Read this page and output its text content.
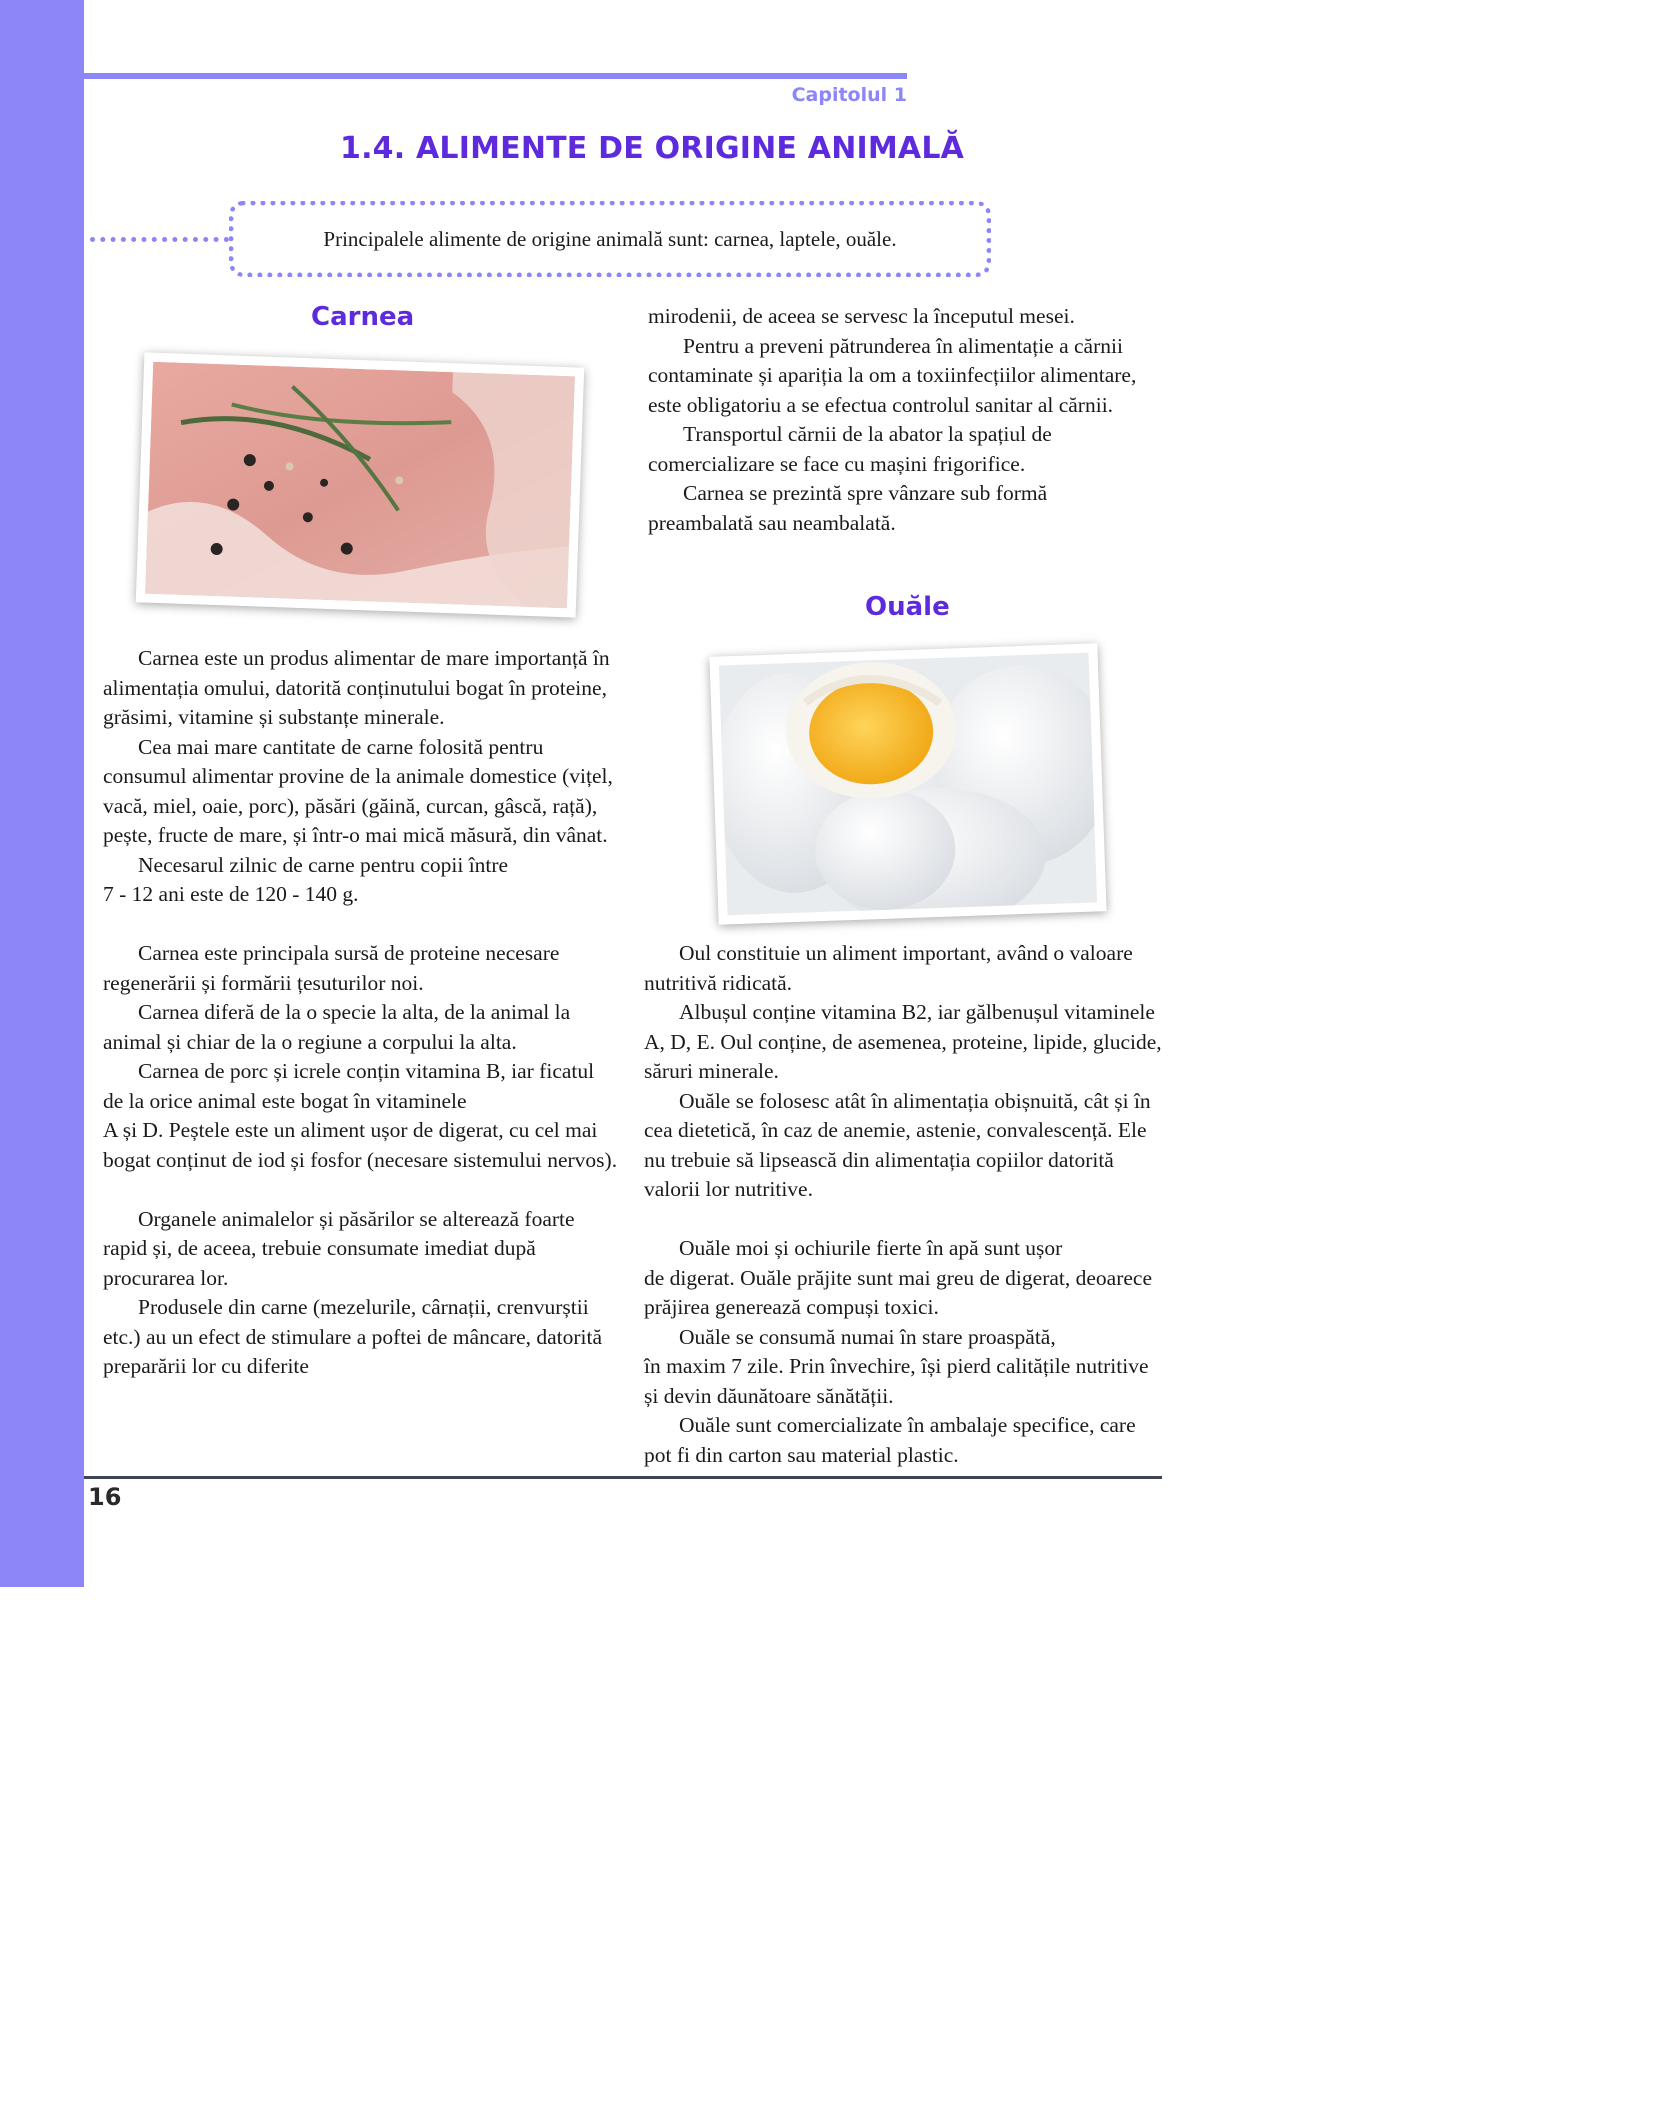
Capitolul 1
1.4. ALIMENTE DE ORIGINE ANIMALĂ
Principalele alimente de origine animală sunt: carnea, laptele, ouăle.
Carnea

Carnea este un produs alimentar de mare importanță în alimentația omului, datorită conținutului bogat în proteine, grăsimi, vitamine și substanțe minerale.

Cea mai mare cantitate de carne folosită pentru consumul alimentar provine de la animale domestice (vițel, vacă, miel, oaie, porc), păsări (găină, curcan, gâscă, rață), pește, fructe de mare, și într-o mai mică măsură, din vânat.

Necesarul zilnic de carne pentru copii între

7 - 12 ani este de 120 - 140 g.

Carnea este principala sursă de proteine necesare regenerării și formării țesuturilor noi.

Carnea diferă de la o specie la alta, de la animal la animal și chiar de la o regiune a corpului la alta.

Carnea de porc și icrele conțin vitamina B, iar ficatul de la orice animal este bogat în vitaminele

A și D. Peștele este un aliment ușor de digerat, cu cel mai bogat conținut de iod și fosfor (necesare sistemului nervos).

Organele animalelor și păsărilor se alterează foarte rapid și, de aceea, trebuie consumate imediat după procurarea lor.

Produsele din carne (mezelurile, cârnații, crenvurștii etc.) au un efect de stimulare a poftei de mâncare, datorită preparării lor cu diferite

mirodenii, de aceea se servesc la începutul mesei.

Pentru a preveni pătrunderea în alimentație a cărnii contaminate și apariția la om a toxiinfecțiilor alimentare, este obligatoriu a se efectua controlul sanitar al cărnii.

Transportul cărnii de la abator la spațiul de comercializare se face cu mașini frigorifice.

Carnea se prezintă spre vânzare sub formă preambalată sau neambalată.

Ouăle

Oul constituie un aliment important, având o valoare nutritivă ridicată.

Albușul conține vitamina B2, iar gălbenușul vitaminele A, D, E. Oul conține, de asemenea, proteine, lipide, glucide, săruri minerale.

Ouăle se folosesc atât în alimentația obișnuită, cât și în cea dietetică, în caz de anemie, astenie, convalescență. Ele nu trebuie să lipsească din alimentația copiilor datorită valorii lor nutritive.

Ouăle moi și ochiurile fierte în apă sunt ușor

de digerat. Ouăle prăjite sunt mai greu de digerat, deoarece prăjirea generează compuși toxici.

Ouăle se consumă numai în stare proaspătă,

în maxim 7 zile. Prin învechire, își pierd calitățile nutritive și devin dăunătoare sănătății.

Ouăle sunt comercializate în ambalaje specifice, care pot fi din carton sau material plastic.

16
